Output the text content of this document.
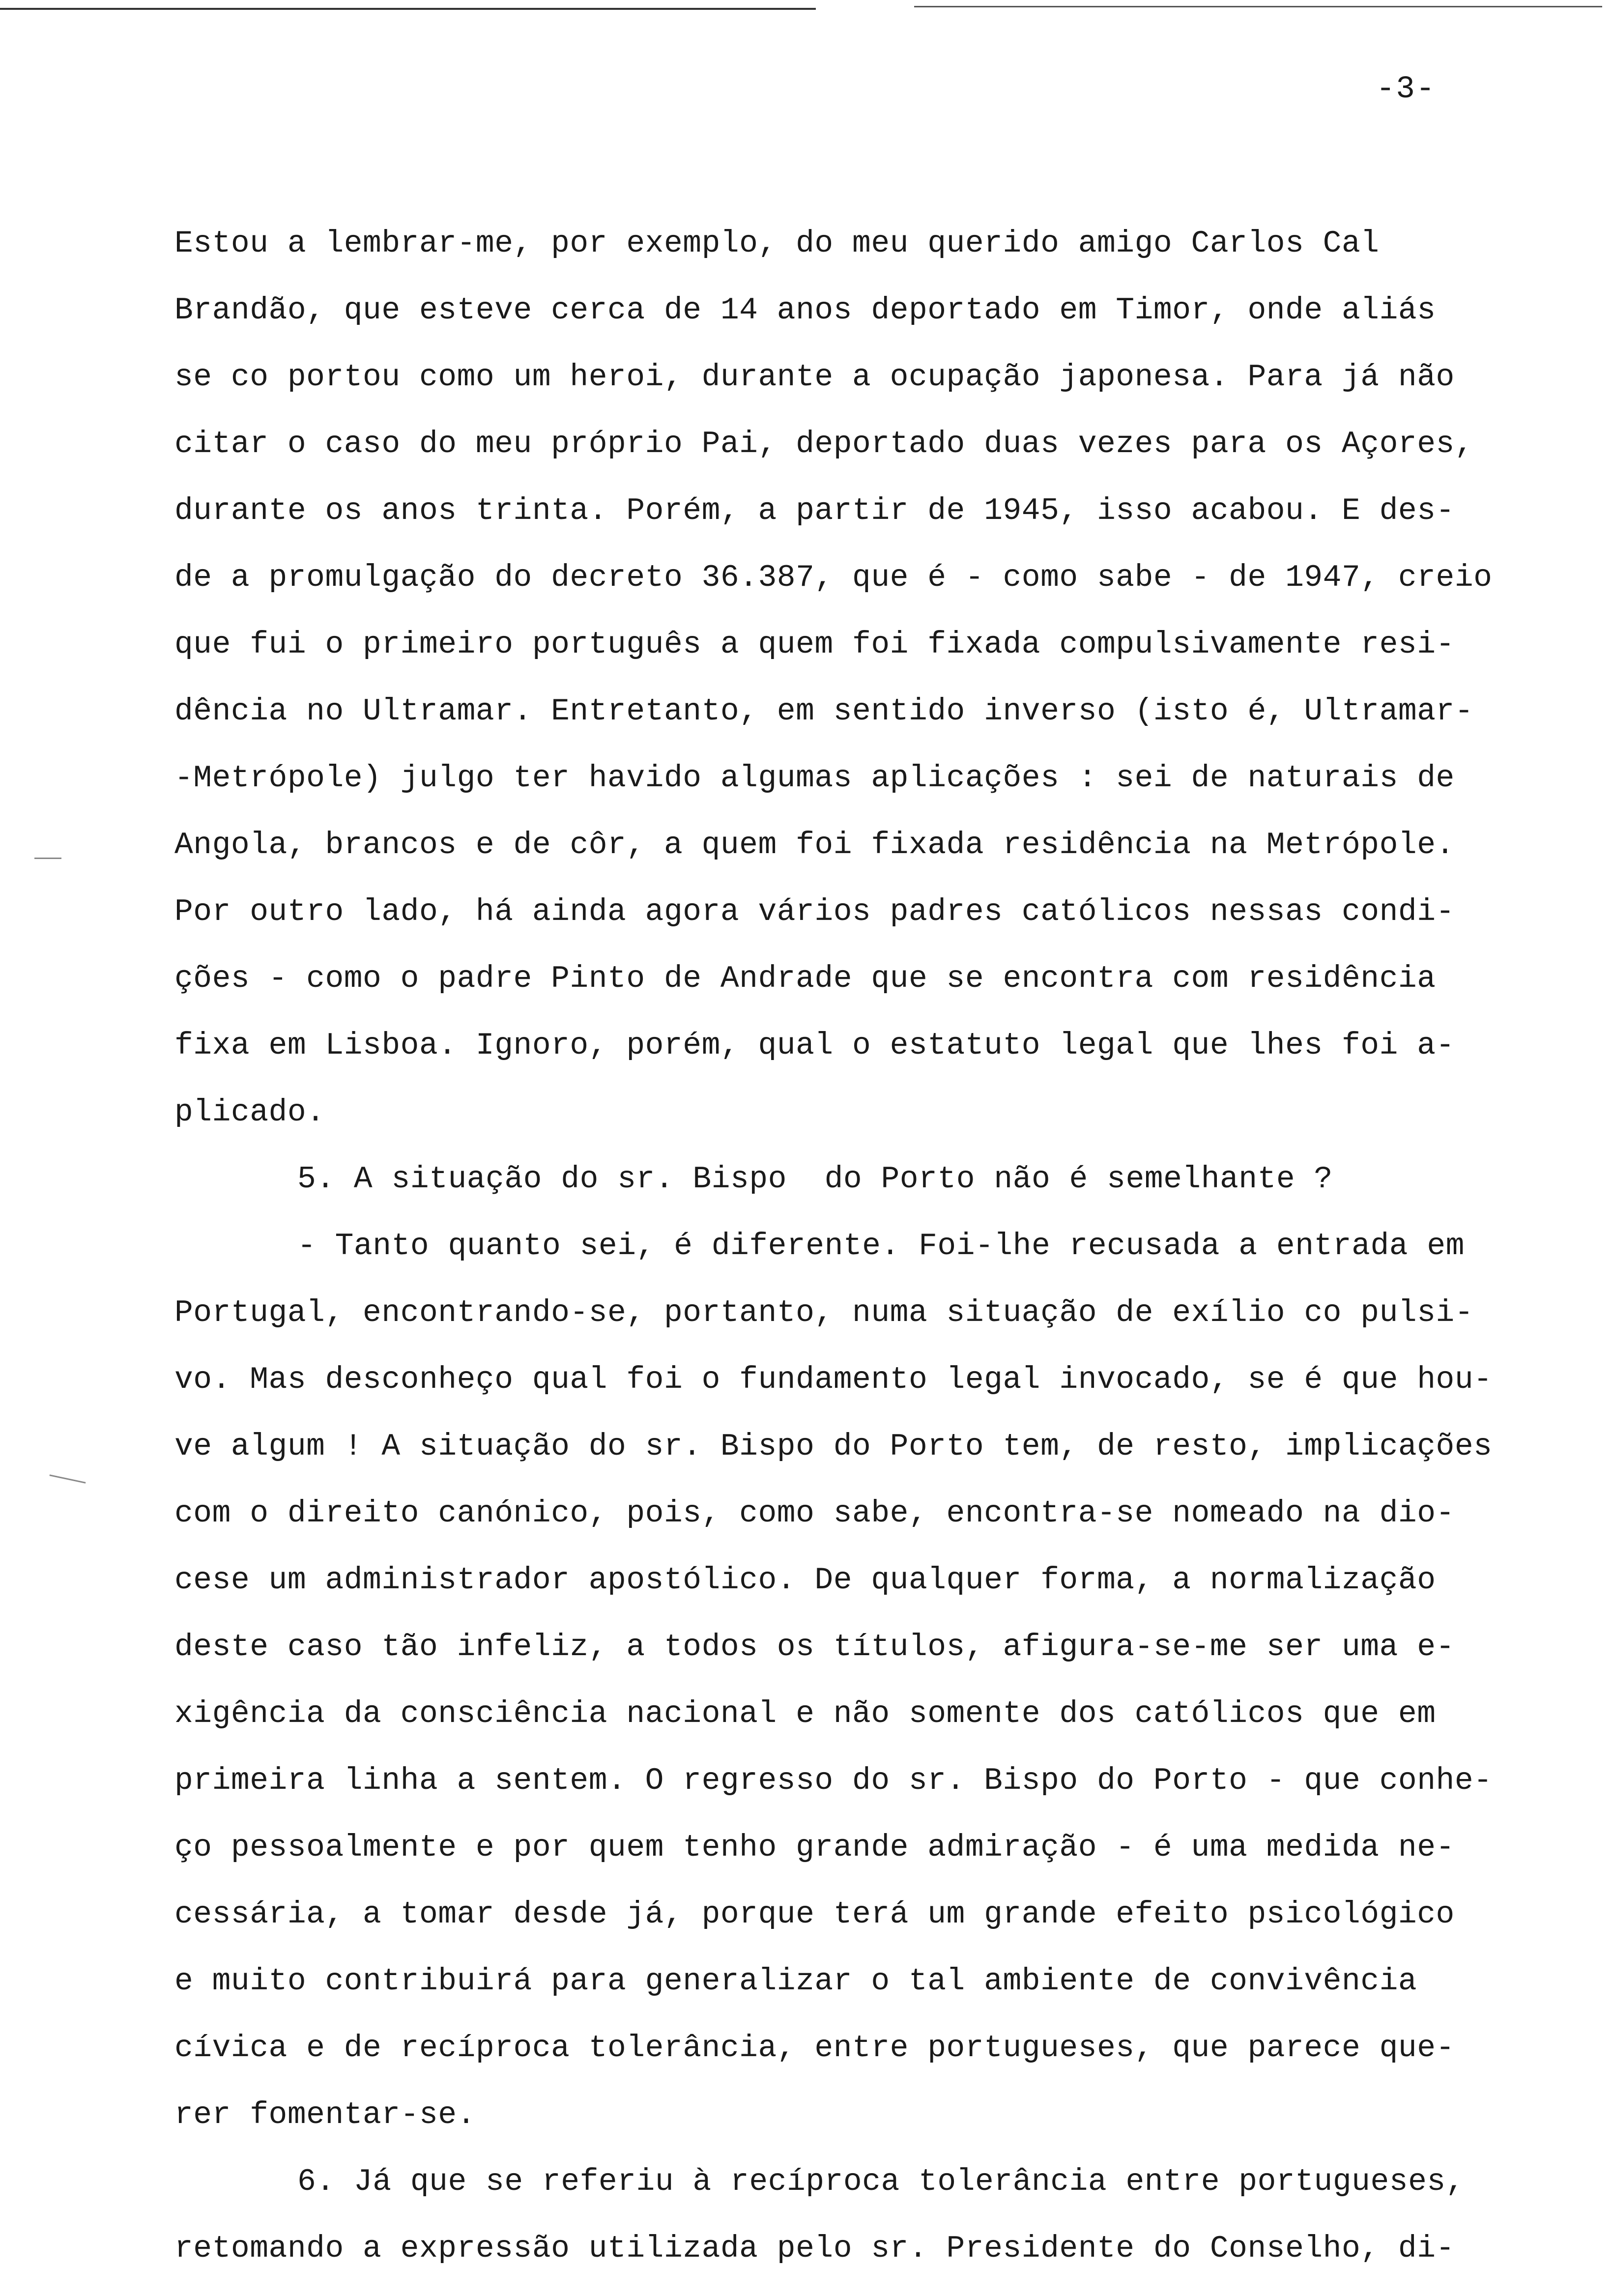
-3-
Estou a lembrar-me, por exemplo, do meu querido amigo Carlos Cal
Brandão, que esteve cerca de 14 anos deportado em Timor, onde aliás
se co portou como um heroi, durante a ocupação japonesa. Para já não
citar o caso do meu próprio Pai, deportado duas vezes para os Açores,
durante os anos trinta. Porém, a partir de 1945, isso acabou. E des-
de a promulgação do decreto 36.387, que é - como sabe - de 1947, creio
que fui o primeiro português a quem foi fixada compulsivamente resi-
dência no Ultramar. Entretanto, em sentido inverso (isto é, Ultramar-
-Metrópole) julgo ter havido algumas aplicações : sei de naturais de
Angola, brancos e de côr, a quem foi fixada residência na Metrópole.
Por outro lado, há ainda agora vários padres católicos nessas condi-
ções - como o padre Pinto de Andrade que se encontra com residência
fixa em Lisboa. Ignoro, porém, qual o estatuto legal que lhes foi a-
plicado.
5. A situação do sr. Bispo  do Porto não é semelhante ?
- Tanto quanto sei, é diferente. Foi-lhe recusada a entrada em
Portugal, encontrando-se, portanto, numa situação de exílio co pulsi-
vo. Mas desconheço qual foi o fundamento legal invocado, se é que hou-
ve algum ! A situação do sr. Bispo do Porto tem, de resto, implicações
com o direito canónico, pois, como sabe, encontra-se nomeado na dio-
cese um administrador apostólico. De qualquer forma, a normalização
deste caso tão infeliz, a todos os títulos, afigura-se-me ser uma e-
xigência da consciência nacional e não somente dos católicos que em
primeira linha a sentem. O regresso do sr. Bispo do Porto - que conhe-
ço pessoalmente e por quem tenho grande admiração - é uma medida ne-
cessária, a tomar desde já, porque terá um grande efeito psicológico
e muito contribuirá para generalizar o tal ambiente de convivência
cívica e de recíproca tolerância, entre portugueses, que parece que-
rer fomentar-se.
6. Já que se referiu à recíproca tolerância entre portugueses,
retomando a expressão utilizada pelo sr. Presidente do Conselho, di-
